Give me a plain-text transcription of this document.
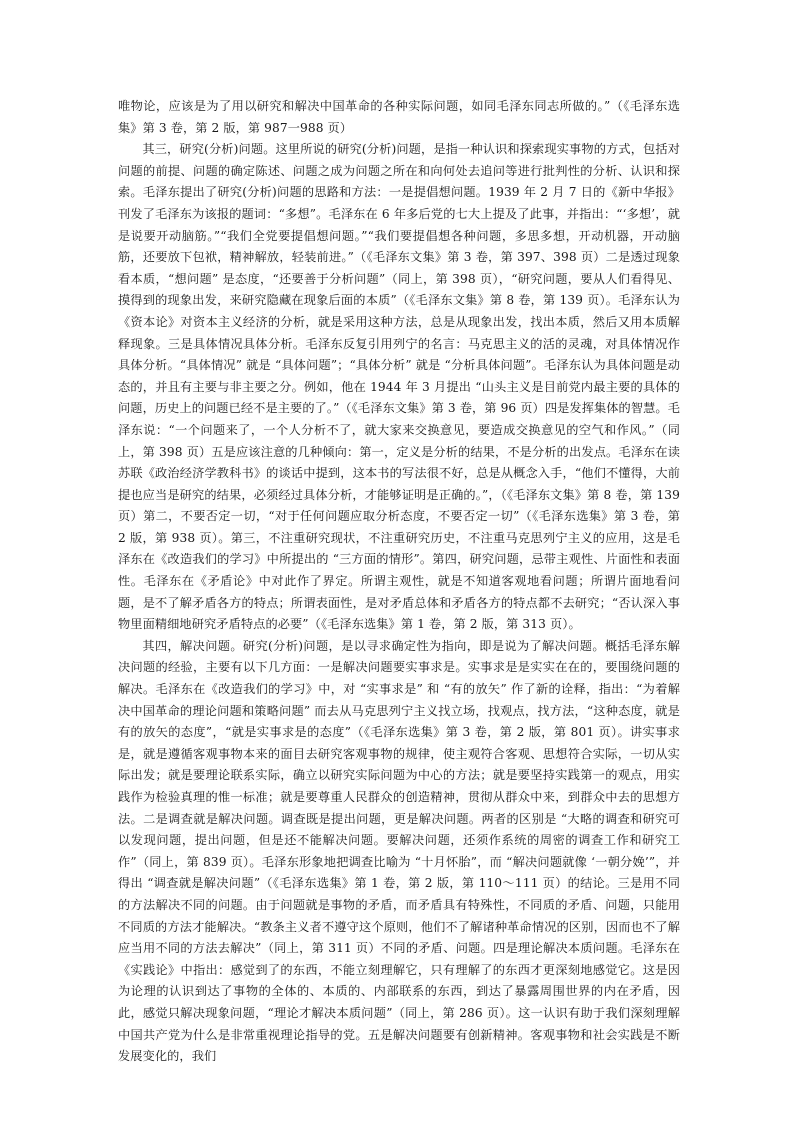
唯物论，应该是为了用以研究和解决中国革命的各种实际问题，如同毛泽东同志所做的。”（《毛泽东选集》第 3 卷，第 2 版，第 987一988 页）

其三，研究(分析)问题。这里所说的研究(分析)问题，是指一种认识和探索现实事物的方式，包括对问题的前提、问题的确定陈述、问题之成为问题之所在和向何处去追问等进行批判性的分析、认识和探索。毛泽东提出了研究(分析)问题的思路和方法：一是提倡想问题。1939 年 2 月 7 日的《新中华报》刊发了毛泽东为该报的题词：“多想”。毛泽东在 6 年多后党的七大上提及了此事，并指出：“‘多想’，就是说要开动脑筋。”“我们全党要提倡想问题。”“我们要提倡想各种问题，多思多想，开动机器，开动脑筋，还要放下包袱，精神解放，轻装前进。”（《毛泽东文集》第 3 卷，第 397、398 页）二是透过现象看本质，“想问题” 是态度，“还要善于分析问题”（同上，第 398 页），“研究问题，要从人们看得见、摸得到的现象出发，来研究隐藏在现象后面的本质”（《毛泽东文集》第 8 卷，第 139 页）。毛泽东认为《资本论》对资本主义经济的分析，就是采用这种方法，总是从现象出发，找出本质，然后又用本质解释现象。三是具体情况具体分析。毛泽东反复引用列宁的名言：马克思主义的活的灵魂，对具体情况作具体分析。“具体情况” 就是 “具体问题”；“具体分析” 就是 “分析具体问题”。毛泽东认为具体问题是动态的，并且有主要与非主要之分。例如，他在 1944 年 3 月提出 “山头主义是目前党内最主要的具体的问题，历史上的问题已经不是主要的了。”（《毛泽东文集》第 3 卷，第 96 页）四是发挥集体的智慧。毛泽东说：“一个问题来了，一个人分析不了，就大家来交换意见，要造成交换意见的空气和作风。”（同上，第 398 页）五是应该注意的几种倾向：第一，定义是分析的结果，不是分析的出发点。毛泽东在读苏联《政治经济学教科书》的谈话中提到，这本书的写法很不好，总是从概念入手，“他们不懂得，大前提也应当是研究的结果，必须经过具体分析，才能够证明是正确的。”，（《毛泽东文集》第 8 卷，第 139 页）第二，不要否定一切，“对于任何问题应取分析态度，不要否定一切”（《毛泽东选集》第 3 卷，第 2 版，第 938 页）。第三，不注重研究现状，不注重研究历史，不注重马克思列宁主义的应用，这是毛泽东在《改造我们的学习》中所提出的 “三方面的情形”。第四，研究问题，忌带主观性、片面性和表面性。毛泽东在《矛盾论》中对此作了界定。所谓主观性，就是不知道客观地看问题；所谓片面地看问题，是不了解矛盾各方的特点；所谓表面性，是对矛盾总体和矛盾各方的特点都不去研究；“否认深入事物里面精细地研究矛盾特点的必要”（《毛泽东选集》第 1 卷，第 2 版，第 313 页）。

其四，解决问题。研究(分析)问题，是以寻求确定性为指向，即是说为了解决问题。概括毛泽东解决问题的经验，主要有以下几方面：一是解决问题要实事求是。实事求是是实实在在的，要围绕问题的解决。毛泽东在《改造我们的学习》中，对 “实事求是” 和 “有的放矢” 作了新的诠释，指出：“为着解决中国革命的理论问题和策略问题” 而去从马克思列宁主义找立场，找观点，找方法，“这种态度，就是有的放矢的态度”，“就是实事求是的态度”（《毛泽东选集》第 3 卷，第 2 版，第 801 页）。讲实事求是，就是遵循客观事物本来的面目去研究客观事物的规律，使主观符合客观、思想符合实际，一切从实际出发；就是要理论联系实际，确立以研究实际问题为中心的方法；就是要坚持实践第一的观点，用实践作为检验真理的惟一标准；就是要尊重人民群众的创造精神，贯彻从群众中来，到群众中去的思想方法。二是调查就是解决问题。调查既是提出问题，更是解决问题。两者的区别是 “大略的调查和研究可以发现问题，提出问题，但是还不能解决问题。要解决问题，还须作系统的周密的调查工作和研究工作”（同上，第 839 页）。毛泽东形象地把调查比喻为 “十月怀胎”，而 “解决问题就像 ‘一朝分娩’”，并得出 “调查就是解决问题”（《毛泽东选集》第 1 卷，第 2 版，第 110～111 页）的结论。三是用不同的方法解决不同的问题。由于问题就是事物的矛盾，而矛盾具有特殊性，不同质的矛盾、问题，只能用不同质的方法才能解决。“教条主义者不遵守这个原则，他们不了解诸种革命情况的区别，因而也不了解应当用不同的方法去解决”（同上，第 311 页）不同的矛盾、问题。四是理论解决本质问题。毛泽东在《实践论》中指出：感觉到了的东西，不能立刻理解它，只有理解了的东西才更深刻地感觉它。这是因为论理的认识到达了事物的全体的、本质的、内部联系的东西，到达了暴露周围世界的内在矛盾，因此，感觉只解决现象问题，“理论才解决本质问题”（同上，第 286 页）。这一认识有助于我们深刻理解中国共产党为什么是非常重视理论指导的党。五是解决问题要有创新精神。客观事物和社会实践是不断发展变化的，我们
